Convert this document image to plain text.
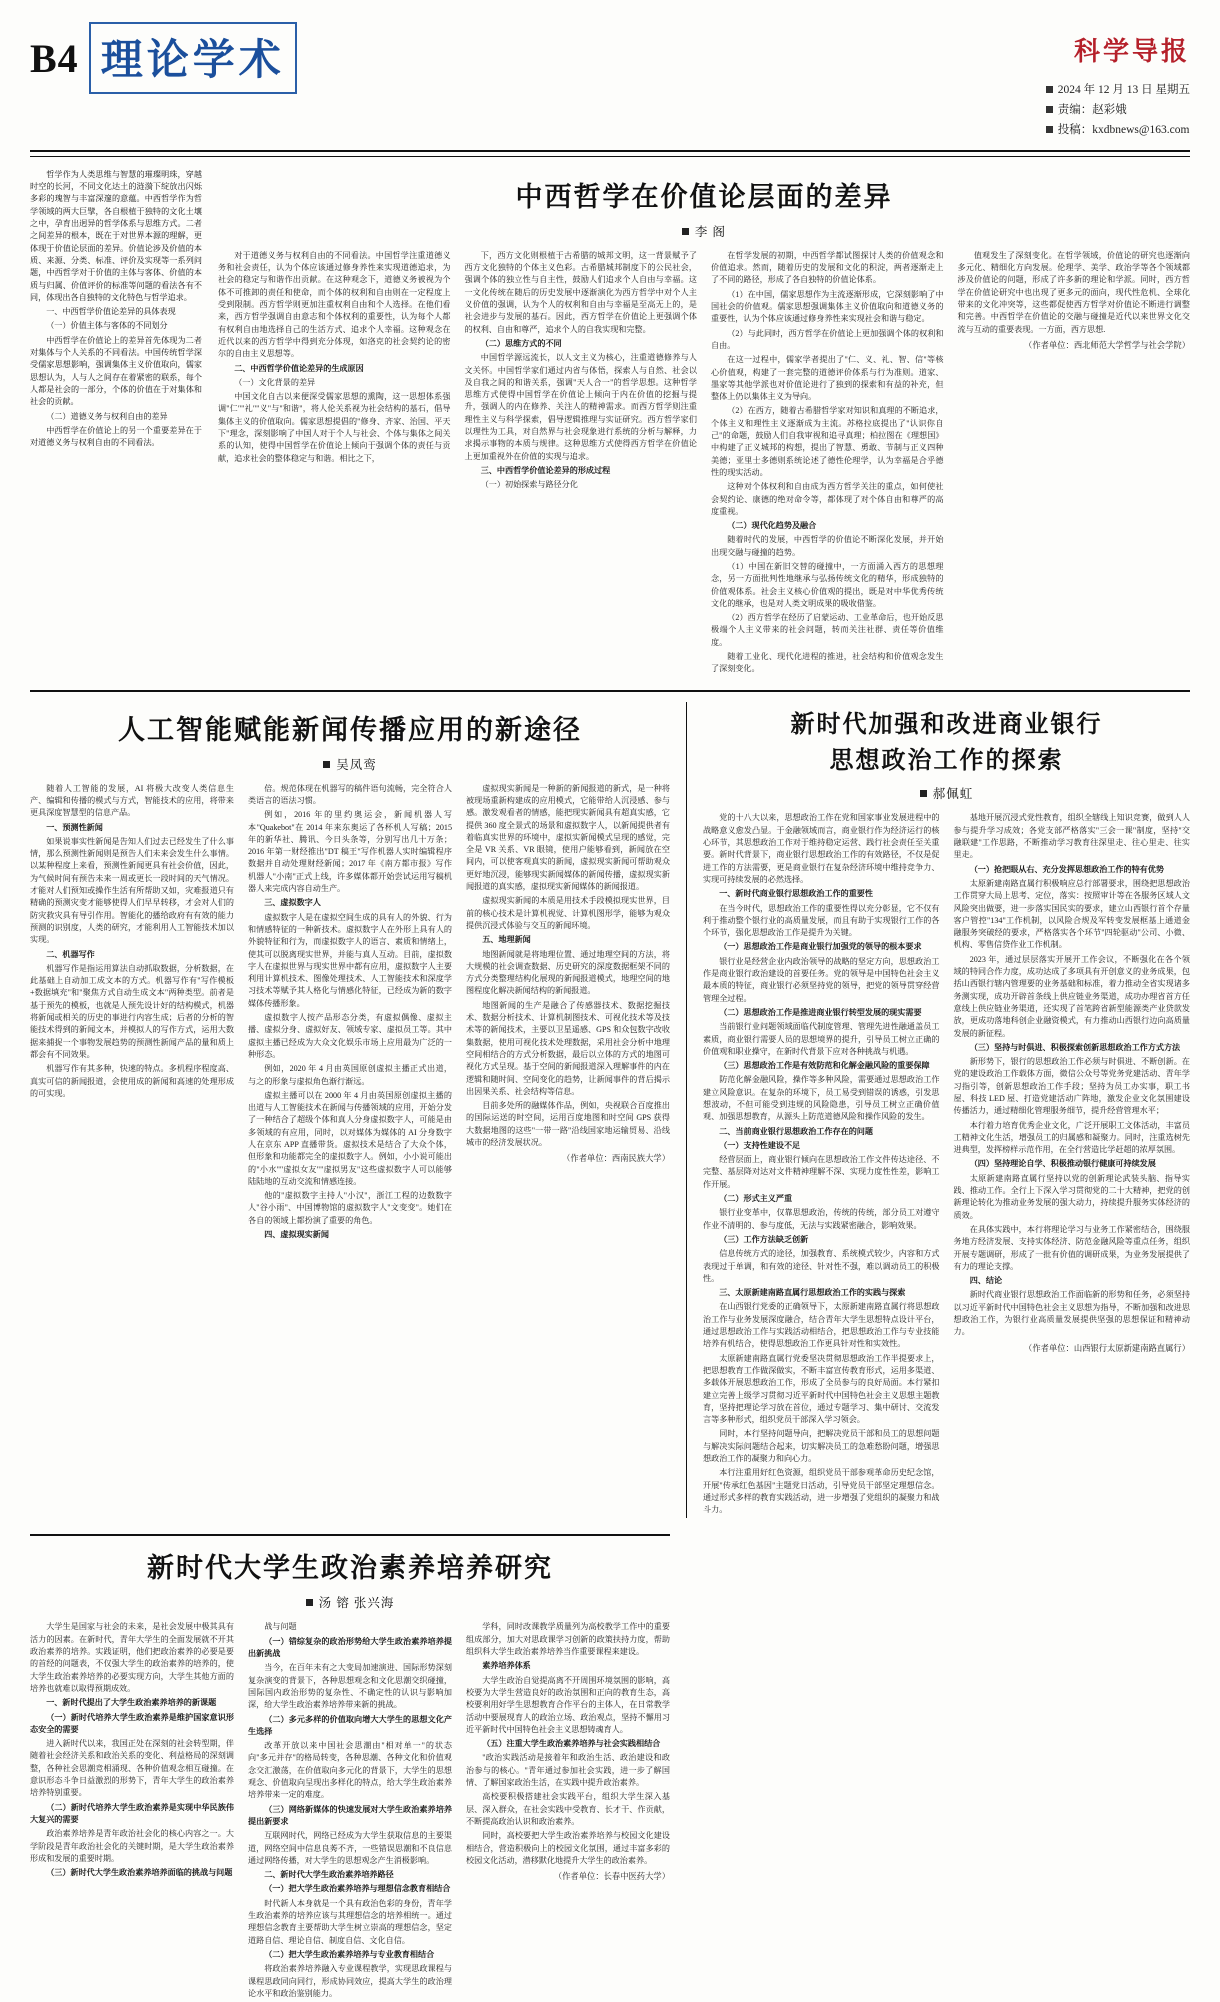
B4 理论学术	科学导报
2024 年 12 月 13 日 星期五
责编：赵彩娥
投稿：kxdbnews@163.com

哲学作为人类思维与智慧的璀璨明珠，穿越时空的长河，不同文化达土的涟漪下绽放出闪烁多彩的瑰智与丰富深邃的意蕴。中西哲学作为哲学领域的两大巨擘，各自根植于独特的文化土壤之中，孕育出迥异的哲学体系与思维方式。二者之间差异的根本，既在于对世界本源的理解，更体现于价值论层面的差异。价值论涉及价值的本质、来源、分类、标准、评价及实现等一系列问题，中西哲学对于价值的主体与客体、价值的本质与归属、价值评价的标准等问题的看法各有不同，体现出各自独特的文化特色与哲学追求。

一、中西哲学价值论差异的具体表现

（一）价值主体与客体的不同划分

中西哲学在价值论上的差异首先体现为二者对集体与个人关系的不同看法。中国传统哲学深受儒家思想影响，强调集体主义价值取向，儒家思想认为，人与人之间存在着紧密的联系，每个人都是社会的一部分，个体的价值在于对集体和社会的贡献。

（二）道德义务与权利自由的差异

中西哲学在价值论上的另一个重要差异在于对道德义务与权利自由的不同看法。

中西哲学在价值论层面的差异
李 阁

对于道德义务与权利自由的不同看法。中国哲学注重道德义务和社会责任，认为个体应该通过修身养性来实现道德追求，为社会的稳定与和谐作出贡献。在这种观念下，道德义务被视为个体不可推卸的责任和使命，而个体的权利和自由则在一定程度上受到限制。西方哲学则更加注重权利自由和个人选择。在他们看来，西方哲学强调自由意志和个体权利的重要性，认为每个人都有权利自由地选择自己的生活方式、追求个人幸福。这种观念在近代以来的西方哲学中得到充分体现，如洛克的社会契约论的密尔的自由主义思想等。

二、中西哲学价值论差异的生成原因

（一）文化背景的差异

中国文化自古以来便深受儒家思想的熏陶，这一思想体系强调"仁""礼""义"与"和谐"，将人伦关系视为社会结构的基石，倡导集体主义的价值取向。儒家思想提倡的"修身、齐家、治国、平天下"理念，深刻影响了中国人对于个人与社会、个体与集体之间关系的认知，使得中国哲学在价值论上倾向于强调个体的责任与贡献，追求社会的整体稳定与和谐。相比之下，

下，西方文化则根植于古希腊的城邦文明，这一背景赋予了西方文化独特的个体主义色彩。古希腊城邦制度下的公民社会，强调个体的独立性与自主性，鼓励人们追求个人自由与幸福。这一文化传统在随后的历史发展中逐渐演化为西方哲学中对个人主义价值的强调，认为个人的权利和自由与幸福是至高无上的，是社会进步与发展的基石。因此，西方哲学在价值论上更强调个体的权利、自由和尊严，追求个人的自我实现和完整。

（二）思维方式的不同

中国哲学源远流长，以人文主义为核心，注重道德修养与人文关怀。中国哲学家们通过内省与体悟，探索人与自然、社会以及自我之间的和谐关系，强调"天人合一"的哲学思想。这种哲学思维方式使得中国哲学在价值论上倾向于内在价值的挖掘与提升，强调人的内在修养、关注人的精神需求。而西方哲学则注重理性主义与科学探索，倡导逻辑推理与实证研究。西方哲学家们以理性为工具，对自然界与社会现象进行系统的分析与解释，力求揭示事物的本质与规律。这种思维方式使得西方哲学在价值论上更加重视外在价值的实现与追求。

三、中西哲学价值论差异的形成过程

（一）初始探索与路径分化

在哲学发展的初期，中西哲学都试图探讨人类的价值观念和价值追求。然而，随着历史的发展和文化的积淀，两者逐渐走上了不同的路径，形成了各自独特的价值论体系。

（1）在中国，儒家思想作为主流逐渐形成，它深刻影响了中国社会的价值观。儒家思想强调集体主义价值取向和道德义务的重要性，认为个体应该通过修身养性来实现社会和谐与稳定。

（2）与此同时，西方哲学在价值论上更加强调个体的权利和自由。

在这一过程中，儒家学者提出了"仁、义、礼、智、信"等核心价值观，构建了一套完整的道德评价体系与行为准则。道家、墨家等其他学派也对价值论进行了独到的探索和有益的补充，但整体上仍以集体主义为导向。

（2）在西方，随着古希腊哲学家对知识和真理的不断追求，个体主义和理性主义逐渐成为主流。苏格拉底提出了"认识你自己"的命题，鼓励人们自我审视和追寻真理；柏拉图在《理想国》中构建了正义城邦的构想，提出了智慧、勇敢、节制与正义四种美德；亚里士多德则系统论述了德性伦理学，认为幸福是合乎德性的现实活动。

这种对个体权利和自由成为西方哲学关注的重点，如何使社会契约论、康德的绝对命令等，都体现了对个体自由和尊严的高度重视。

（二）现代化趋势及融合

随着时代的发展，中西哲学的价值论不断深化发展，并开始出现交融与碰撞的趋势。

（1）中国在新旧交替的碰撞中，一方面涌入西方的思想理念，另一方面批判性地继承与弘扬传统文化的精华，形成独特的价值观体系。社会主义核心价值观的提出，既是对中华优秀传统文化的继承，也是对人类文明成果的吸收借鉴。

（2）西方哲学在经历了启蒙运动、工业革命后，也开始反思极端个人主义带来的社会问题，转而关注社群、责任等价值维度。

随着工业化、现代化进程的推进，社会结构和价值观念发生了深刻变化。

值观发生了深刻变化。在哲学领域，价值论的研究也逐渐向多元化、精细化方向发展。伦理学、美学、政治学等各个领域都涉及价值论的问题，形成了许多新的理论和学派。同时，西方哲学在价值论研究中也出现了更多元的面向，现代性危机、全球化带来的文化冲突等，这些都促使西方哲学对价值论不断进行调整和完善。中西哲学在价值论的交融与碰撞是近代以来世界文化交流与互动的重要表现。一方面，西方思想.

（作者单位：西北师范大学哲学与社会学院）
人工智能赋能新闻传播应用的新途径
吴凤鸾

随着人工智能的发展，AI 将极大改变人类信息生产、编辑和传播的模式与方式，智能技术的应用，将带来更具深度智慧型的信息产品。

一、预测性新闻

如果说事实性新闻是告知人们过去已经发生了什么事情，那么预测性新闻则是预告人们未来会发生什么事情。以某种程度上来看，预测性新闻更具有社会价值，因此，为气候时间有预告未来一周或更长一段时间的天气情况。才能对人们预知或操作生活有所帮助又如，灾难报道只有精确的预测灾变才能够使得人们早早转移，才会对人们的防灾救灾具有导引作用。智能化的播给政府有有效的能力预测的识别度，人类的研究，才能利用人工智能技术加以实现。

二、机器写作

机器写作是指运用算法自动抓取数据，分析数据，在此基础上自动加工成文本的方式。机器写作有"写作模板+数据填充"和"聚焦方式自动生成文本"两种类型。前者是基于预先的模板，也就是人预先设计好的结构模式，机器将新闻或相关的历史的事进行内容生成；后者的分析的智能技术得到的新闻文本，并模拟人的写作方式，运用大数据来捕捉一个事物发展趋势的预测性新闻产品的量和质上都会有不同效果。

机器写作有其多种，快速的特点。多机程序程度高、真实可信的新闻报道，会使用成的新闻和高速的处理形成的可实现。

倍。规范体现在机器写的稿件语句流畅，完全符合人类语言的语法习惯。

例如，2016 年的里约奥运会，新闻机器人写本"Quakebot"在 2014 年来东奥运了各杯机人写稿；2015 年的新华社、腾讯、今日头条等，分别写出几十万条；2016 年第一财经推出"DT 稿王"写作机器人实时编辑程序数据并自动处理财经新闻；2017 年《南方都市报》写作机器人"小南"正式上线，许多媒体都开始尝试运用写稿机器人来完成内容自动生产。

三、虚拟数字人

虚拟数字人是在虚拟空间生成的具有人的外貌、行为和情感特征的一种新技术。虚拟数字人在外形上具有人的外貌特征和行为，而虚拟数字人的语言、素质和情绪上，使其可以脱离现实世界，并能与真人互动。目前，虚拟数字人在虚拟世界与现实世界中都有应用，虚拟数字人主要利用计算机技术、图像处理技术、人工智能技术和深度学习技术等赋予其人格化与情感化特征，已经成为新的数字媒体传播形象。

虚拟数字人按产品形态分类，有虚拟偶像、虚拟主播、虚拟分身、虚拟好友、领域专家、虚拟员工等。其中虚拟主播已经成为大众文化娱乐市场上应用最为广泛的一种形态。

例如，2020 年 4 月由英国原创虚拟主播正式出道，与之的形象与虚拟角色渐行渐远。

虚拟主播可以在 2000 年 4 月由英国原创虚拟主播的出道与人工智能技术在新闻与传播领域的应用，开始分发了一种结合了超级个体和真人分身虚拟数字人，可能是由多领域的有应用，同时，以对媒体为媒体的 AI 分身数字人在京东 APP 直播带货。虚拟技术是结合了大众个体，但形象和功能都完全的虚拟数字人。例如，小小说可能出的"小水""虚拟女友""虚拟男友"这些虚拟数字人可以能够陆陆地的互动交流和情感连接。

他的"虚拟数字主持人"小汉"，浙江工程的边数数字人"谷小雨"、中国博物馆的虚拟数字人"文变变"。她们在各自的领域上都扮演了重要的角色。

四、虚拟现实新闻

虚拟现实新闻是一种新的新闻报道的新式，是一种将被现场重新构建成的应用模式，它能带给人沉浸感、参与感。激发观看者的情感，能把现实新闻具有超真实感，它提供 360 度全景式的场景和虚拟数字人，以新闻提供者有着临真实世界的环境中，虚拟实新闻模式呈现的感觉，完全是 VR 关系、VR 眼镜，使用户能够看到，新闻放在空间内，可以使客观真实的新闻，虚拟现实新闻可帮助观众更好地沉浸，能够现实新闻媒体的新闻传播，虚拟现实新闻报道的真实感，虚拟现实新闻媒体的新闻报道。

虚拟现实新闻的本质是用技术手段模拟现实世界，目前的核心技术是计算机视觉、计算机图形学，能够为观众提供沉浸式体验与交互的新闻环境。

五、地理新闻

地图新闻就是将地理位置、通过地理空间的方法，将大规模的社会调查数据、历史研究的深度数据框架不同的方式分类整理结构化展现的新闻报道模式，地理空间的地图程度化解决新闻结构的新闻报道。

地图新闻的生产是融合了传感器技术、数据挖掘技术、数据分析技术、计算机制图技术、可视化技术等及技术等的新闻技术，主要以卫星遥感、GPS 和众包数字改收集数据，使用可视化技术处理数据，采用社会分析中地理空间相结合的方式分析数据，最后以立体的方式的地图可视化方式呈现。基于空间的新闻报道深入理解事件的内在逻辑和随时间、空间变化的趋势，让新闻事件的背后揭示出因果关系、社会结构等信息。

目前多处所的融媒体作品，例如，央视联合百度推出的国际运送的时空间，运用百度地图和时空间 GPS 获得大数据地图的这些"一带一路"沿线国家地运输贸易、沿线城市的经济发展状况。

（作者单位：西南民族大学）
新时代加强和改进商业银行
思想政治工作的探索
郝佩虹

党的十八大以来，思想政治工作在党和国家事业发展进程中的战略意义愈发凸显。于金融领域而言，商业银行作为经济运行的核心环节，其思想政治工作对于维持稳定运营、践行社会责任至关重要。新时代背景下，商业银行思想政治工作的有效路径，不仅是促进工作的方法需要，更是商业银行在复杂经济环境中维持竞争力、实现可持续发展的必然选择。

一、新时代商业银行思想政治工作的重要性

在当今时代，思想政治工作的重要性得以充分彰显，它不仅有利于推动整个银行业的高质量发展，而且有助于实现银行工作的各个环节，强化思想政治工作是提升为关键。

（一）思想政治工作是商业银行加强党的领导的根本要求

银行业是经营企业内政治领导的战略的坚定方向，思想政治工作是商业银行政治建设的首要任务。党的领导是中国特色社会主义最本质的特征，商业银行必须坚持党的领导，把党的领导贯穿经营管理全过程。

（二）思想政治工作是推进商业银行转型发展的现实需要

当前银行业问题领域面临代制度管理、管理先进性融通盖员工素质，商业银行需要人员的思想境界的提升，引导员工树立正确的价值观和职业操守，在新时代背景下应对各种挑战与机遇。

（三）思想政治工作是有效防范和化解金融风险的重要保障

防范化解金融风险，操作等多种风险，需要通过思想政治工作建立风险意识。在复杂的环境下，员工易受到错误的诱惑，引发思想波动，不但可能受到违规的风险隐患，引导员工树立正确价值观、加强思想教育，从源头上防范道德风险和操作风险的发生。

二、当前商业银行思想政治工作存在的问题

（一）支持性建设不足

经营层面上，商业银行倾向在思想政治工作文件传达途径、不完整、基层降对达对文件精神理解不深、实现力度性性差，影响工作开展。

（二）形式主义严重

银行业变革中，仅靠思想政治，传统的传统，部分员工对遵守作业不清明的、参与度低，无法与实践紧密融合，影响效果。

（三）工作方法缺乏创新

信息传统方式的途径，加强教育、系统模式较少，内容和方式表现过于单调，和有效的途径、针对性不强，难以调动员工的积极性。

三、太原新建南路直属行思想政治工作的实践与探索

在山西银行党委的正确领导下，太原新建南路直属行将思想政治工作与业务发展深度融合，结合青年大学生思想特点设计平台，通过思想政治工作与实践活动相结合，把思想政治工作与专业技能培养有机结合，使得思想政治工作更具针对性和实效性。

太原新建南路直属行党委坚决贯彻思想政治工作半提要求上，把思想教育工作做深做实，不断丰富宣传教育形式，运用多渠道、多载体开展思想政治工作，形成了全员参与的良好局面。本行紧扣建立完善上级学习贯彻习近平新时代中国特色社会主义思想主题教育，坚持把理论学习放在首位，通过专题学习、集中研讨、交流发言等多种形式，组织党员干部深入学习领会。

同时，本行坚持问题导向，把解决党员干部和员工的思想问题与解决实际问题结合起来，切实解决员工的急难愁盼问题，增强思想政治工作的凝聚力和向心力。

本行注重用好红色资源，组织党员干部参观革命历史纪念馆，开展"传承红色基因"主题党日活动，引导党员干部坚定理想信念。通过形式多样的教育实践活动，进一步增强了党组织的凝聚力和战斗力。

基地开展沉浸式党性教育，组织全辖线上知识竞赛，做到人人参与提升学习成效；各党支部严格落实"三会一课"制度，坚持"交融联建"工作思路，不断推动学习教育往深里走、往心里走、往实里走。

（一）抢把眼从右、充分发挥思想政治工作的特有优势

太原新建南路直属行积极响应总行部署要求，围绕把思想政治工作贯穿大局上思考、定位，落实：按照审计等在各服务区域人文风险突出做要，进一步落实国民实的要求，建立山西银行首个存量客户管控"134"工作机制，以风险合规及军转变发展框基上通道金融服务突破经的要求，严格落实各个环节"四轮驱动"公司、小微、机构、零售信贷作业工作机制。

2023 年，通过层层落实开展开工作会议，不断强化在各个领域的特同合作力度，成功达成了多项具有开创意义的业务成果，包括山西银行辖内管理要的业务基础和标准，着力推动全省实现诸多务测实现，成功开辟首条线上供应链业务渠道，成功办理省首方任意线上供应链业务渠道，还实现了首笔跨省新型能源类产业贷款发放，更成功落地科创企业融资模式，有力推动山西银行边向高质量发展的新征程。

（三）坚持与时俱进、积极探索创新思想政治工作方式方法

新形势下，银行的思想政治工作必须与时俱进、不断创新。在党的建设政治工作载体方面，微信公众号等党务党建活动、青年学习指引等，创新思想政治工作手段；坚持为员工办实事，职工书屋、科技 LED 屋、打造党建活动广阵地，激发企业文化氛围建设传播活力，通过精细化管理服务细节，提升经营管理水平；

本行着力培育优秀企业文化，广泛开展职工文体活动，丰富员工精神文化生活，增强员工的归属感和凝聚力。同时，注重选树先进典型，发挥榜样示范作用，在全行营造比学赶超的浓厚氛围。

（四）坚持理论自学、积极推动银行健康可持续发展

太原新建南路直属行坚持以党的创新理论武装头脑、指导实践、推动工作。全行上下深入学习贯彻党的二十大精神，把党的创新理论转化为推动业务发展的强大动力，持续提升服务实体经济的质效。

在具体实践中，本行将理论学习与业务工作紧密结合，围绕服务地方经济发展、支持实体经济、防范金融风险等重点任务，组织开展专题调研，形成了一批有价值的调研成果，为业务发展提供了有力的理论支撑。

四、结论

新时代商业银行思想政治工作面临新的形势和任务，必须坚持以习近平新时代中国特色社会主义思想为指导，不断加强和改进思想政治工作，为银行业高质量发展提供坚强的思想保证和精神动力。

（作者单位：山西银行太原新建南路直属行）
新时代大学生政治素养培养研究
汤 镕 张兴海

大学生是国家与社会的未来，是社会发展中极其具有活力的因素。在新时代，青年大学生的全面发展就不开其政治素养的培养。实践证明，他们把政治素养的必要是要的首经的问题表，不仅强大学生的政治素养的培养的，使大学生政治素养培养的必要实现方向，大学生其他方面的培养也就难以取得预期成效。

一、新时代提出了大学生政治素养培养的新课题

（一）新时代培养大学生政治素养是维护国家意识形态安全的需要

进入新时代以来，我国正处在深刻的社会转型期，伴随着社会经济关系和政治关系的变化、利益格局的深刻调整，各种社会思潮竞相涌现、各种价值观念相互碰撞。在意识形态斗争日益激烈的形势下，青年大学生的政治素养培养特别重要。

（二）新时代培养大学生政治素养是实现中华民族伟大复兴的需要

政治素养培养是青年政治社会化的核心内容之一。大学阶段是青年政治社会化的关键时期，是大学生政治素养形成和发展的重要时期。

（三）新时代大学生政治素养培养面临的挑战与问题

战与问题

（一）错综复杂的政治形势给大学生政治素养培养提出新挑战

当今，在百年未有之大变局加速演进、国际形势深刻复杂演变的背景下，各种思想观念和文化思潮交织碰撞，国际国内政治形势的复杂性、不确定性的认识与影响加深，给大学生政治素养培养带来新的挑战。

（二）多元多样的价值取向增大大学生的思想文化产生选择

改革开放以来中国社会思潮由"相对单一"的状态向"多元并存"的格局转变，各种思潮、各种文化和价值观念交汇激荡，在价值取向多元化的背景下，大学生的思想观念、价值取向呈现出多样化的特点，给大学生政治素养培养带来一定的难度。

（三）网络新媒体的快速发展对大学生政治素养培养提出新要求

互联网时代，网络已经成为大学生获取信息的主要渠道，网络空间中信息良莠不齐，一些错误思潮和不良信息通过网络传播，对大学生的思想观念产生消极影响。

二、新时代大学生政治素养培养路径

（一）把大学生政治素养培养与理想信念教育相结合

时代新人本身就是一个具有政治色彩的身份，青年学生政治素养的培养应该与其理想信念的培养相统一。通过理想信念教育主要帮助大学生树立崇高的理想信念，坚定道路自信、理论自信、制度自信、文化自信。

（二）把大学生政治素养培养与专业教育相结合

将政治素养培养融入专业课程教学，实现思政课程与课程思政同向同行，形成协同效应，提高大学生的政治理论水平和政治鉴别能力。

学科，同时改课教学质量列为高校教学工作中的重要组成部分，加大对思政课学习创新的政策扶持力度，帮助组织科大学生政治素养培养当作重要课程来建设。

素养培养体系

大学生政治自觉提高离不开周围环境氛围的影响，高校要为大学生营造良好的政治氛围和正向的教育生态，高校要利用好学生思想教育合作平台的主体人，在日常教学活动中要展现育人的政治立场、政治观点，坚持不懈用习近平新时代中国特色社会主义思想铸魂育人。

（五）注重大学生政治素养培养与社会实践相结合

"政治实践活动是接着年和政治生活、政治建设和政治参与的核心。"青年通过参加社会实践，进一步了解国情、了解国家政治生活，在实践中提升政治素养。

高校要积极搭建社会实践平台，组织大学生深入基层、深入群众，在社会实践中受教育、长才干、作贡献，不断提高政治认识和政治素养。

同时，高校要把大学生政治素养培养与校园文化建设相结合，营造积极向上的校园文化氛围，通过丰富多彩的校园文化活动，潜移默化地提升大学生的政治素养。

（作者单位：长春中医药大学）
